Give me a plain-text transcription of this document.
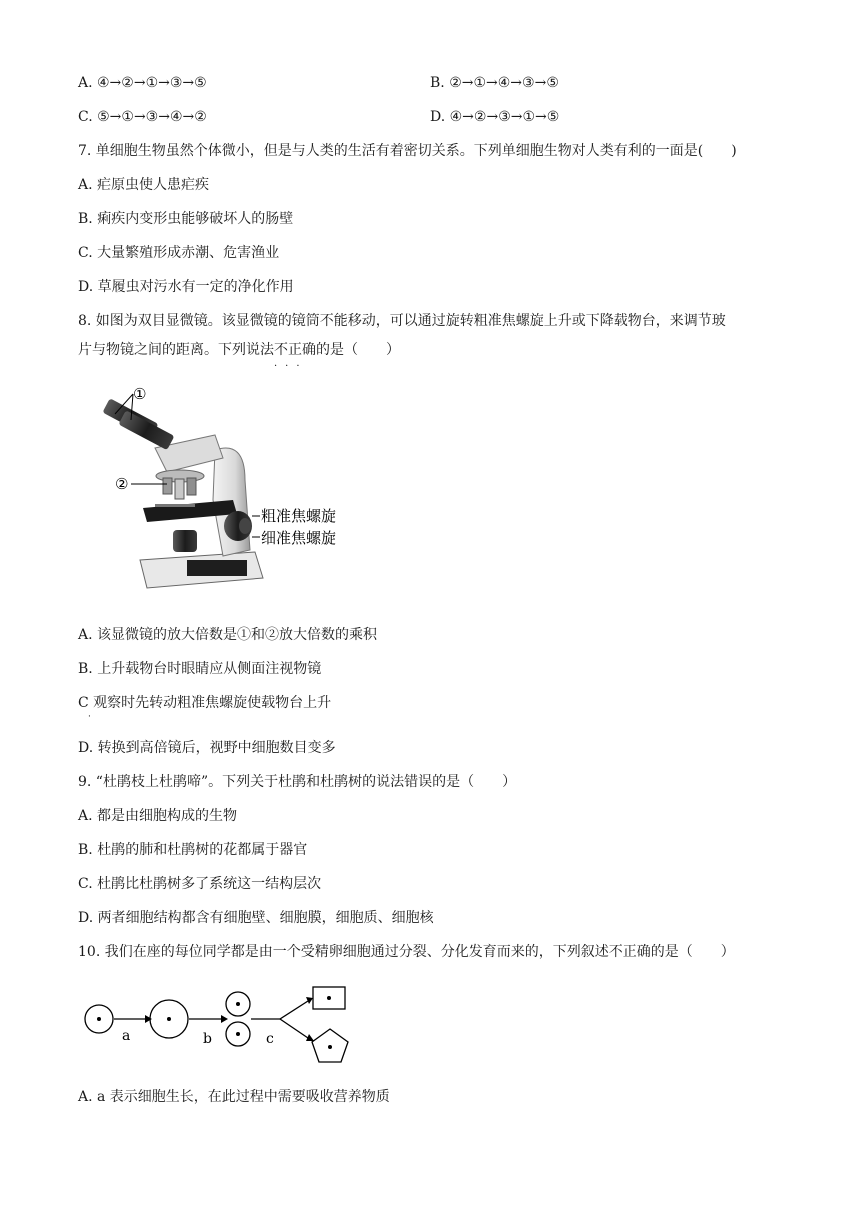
A. ④→②→①→③→⑤	B. ②→①→④→③→⑤
C. ⑤→①→③→④→②	D. ④→②→③→①→⑤
7. 单细胞生物虽然个体微小，但是与人类的生活有着密切关系。下列单细胞生物对人类有利的一面是(　　)
A. 疟原虫使人患疟疾
B. 痢疾内变形虫能够破坏人的肠壁
C. 大量繁殖形成赤潮、危害渔业
D. 草履虫对污水有一定的净化作用
8. 如图为双目显微镜。该显微镜的镜筒不能移动，可以通过旋转粗准焦螺旋上升或下降载物台，来调节玻
片与物镜之间的距离。下列说法不正确
···
的是（　　）
①
②
粗准焦螺旋
细准焦螺旋
A. 该显微镜的放大倍数是①和②放大倍数的乘积
B. 上升载物台时眼睛应从侧面注视物镜
C 观察时先转动粗准焦螺旋使载物台上升
·
D. 转换到高倍镜后，视野中细胞数目变多
9. “杜鹃枝上杜鹃啼”。下列关于杜鹃和杜鹃树的说法错误的是（　　）
A. 都是由细胞构成的生物
B. 杜鹃的肺和杜鹃树的花都属于器官
C. 杜鹃比杜鹃树多了系统这一结构层次
D. 两者细胞结构都含有细胞壁、细胞膜，细胞质、细胞核
10. 我们在座的每位同学都是由一个受精卵细胞通过分裂、分化发育而来的，下列叙述不正确的是（　　）
a	b	c
A. a 表示细胞生长，在此过程中需要吸收营养物质
